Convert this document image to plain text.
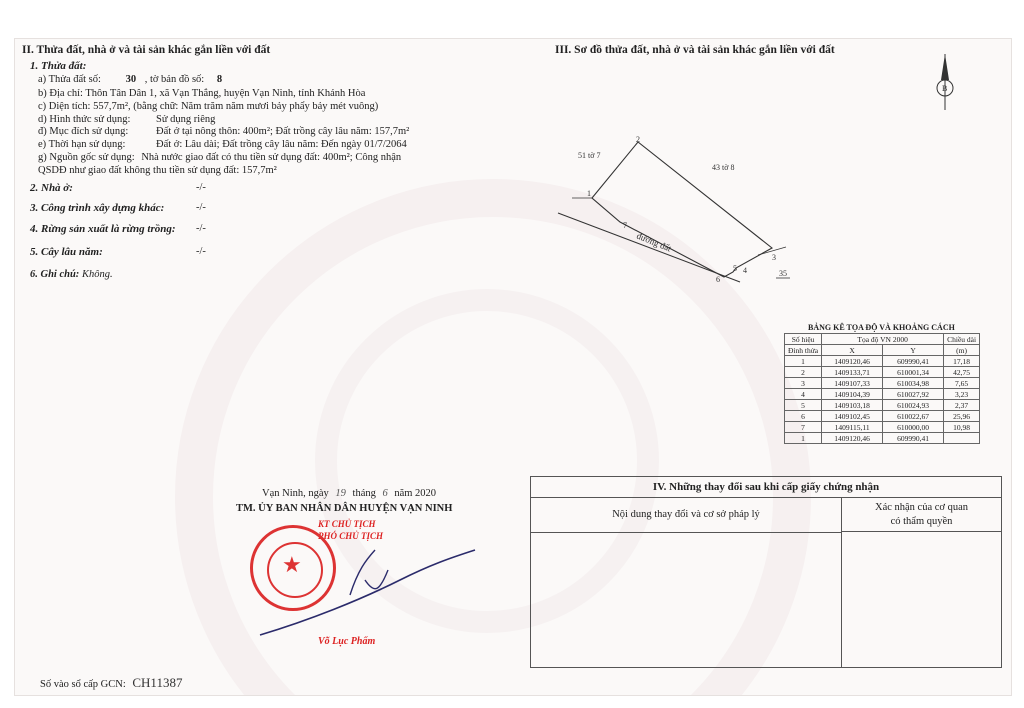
II. Thửa đất, nhà ở và tài sản khác gắn liền với đất
1. Thửa đất:
a) Thửa đất số: 30 , tờ bản đồ số: 8
b) Địa chỉ: Thôn Tân Dân 1, xã Vạn Thắng, huyện Vạn Ninh, tỉnh Khánh Hòa
c) Diện tích: 557,7m², (bằng chữ: Năm trăm năm mươi bảy phẩy bảy mét vuông)
d) Hình thức sử dụng: Sử dụng riêng
đ) Mục đích sử dụng:	Đất ở tại nông thôn: 400m²; Đất trồng cây lâu năm: 157,7m²
e) Thời hạn sử dụng:	Đất ở: Lâu dài; Đất trồng cây lâu năm: Đến ngày 01/7/2064
g) Nguồn gốc sử dụng: Nhà nước giao đất có thu tiền sử dụng đất: 400m²; Công nhận
QSDĐ như giao đất không thu tiền sử dụng đất: 157,7m²
2. Nhà ở:	-/-
3. Công trình xây dựng khác:	-/-
4. Rừng sản xuất là rừng trồng: -/-
5. Cây lâu năm:	-/-
6. Ghi chú: Không.
III. Sơ đồ thửa đất, nhà ở và tài sản khác gắn liền với đất
B
1
2
3
4
5
6
7
51 tờ 7
43 tờ 8
35
đường đất
BẢNG KÊ TỌA ĐỘ VÀ KHOẢNG CÁCH
Số hiệu	Tọa độ VN 2000		Chiều dài
Đỉnh thửa	X	Y	(m)
1	1409120,46	609990,41	17,18
2	1409133,71	610001,34	42,75
3	1409107,33	610034,98	7,65
4	1409104,39	610027,92	3,23
5	1409103,18	610024,93	2,37
6	1409102,45	610022,67	25,96
7	1409115,11	610000,00	10,98
1	1409120,46	609990,41	
Vạn Ninh, ngày 19 tháng 6 năm 2020
TM. ỦY BAN NHÂN DÂN HUYỆN VẠN NINH
KT CHỦ TỊCH
PHÓ CHỦ TỊCH
★
Võ Lục Phẩm
IV. Những thay đổi sau khi cấp giấy chứng nhận
Nội dung thay đổi và cơ sở pháp lý
Xác nhận của cơ quan
có thẩm quyền
Số vào sổ cấp GCN: CH11387
